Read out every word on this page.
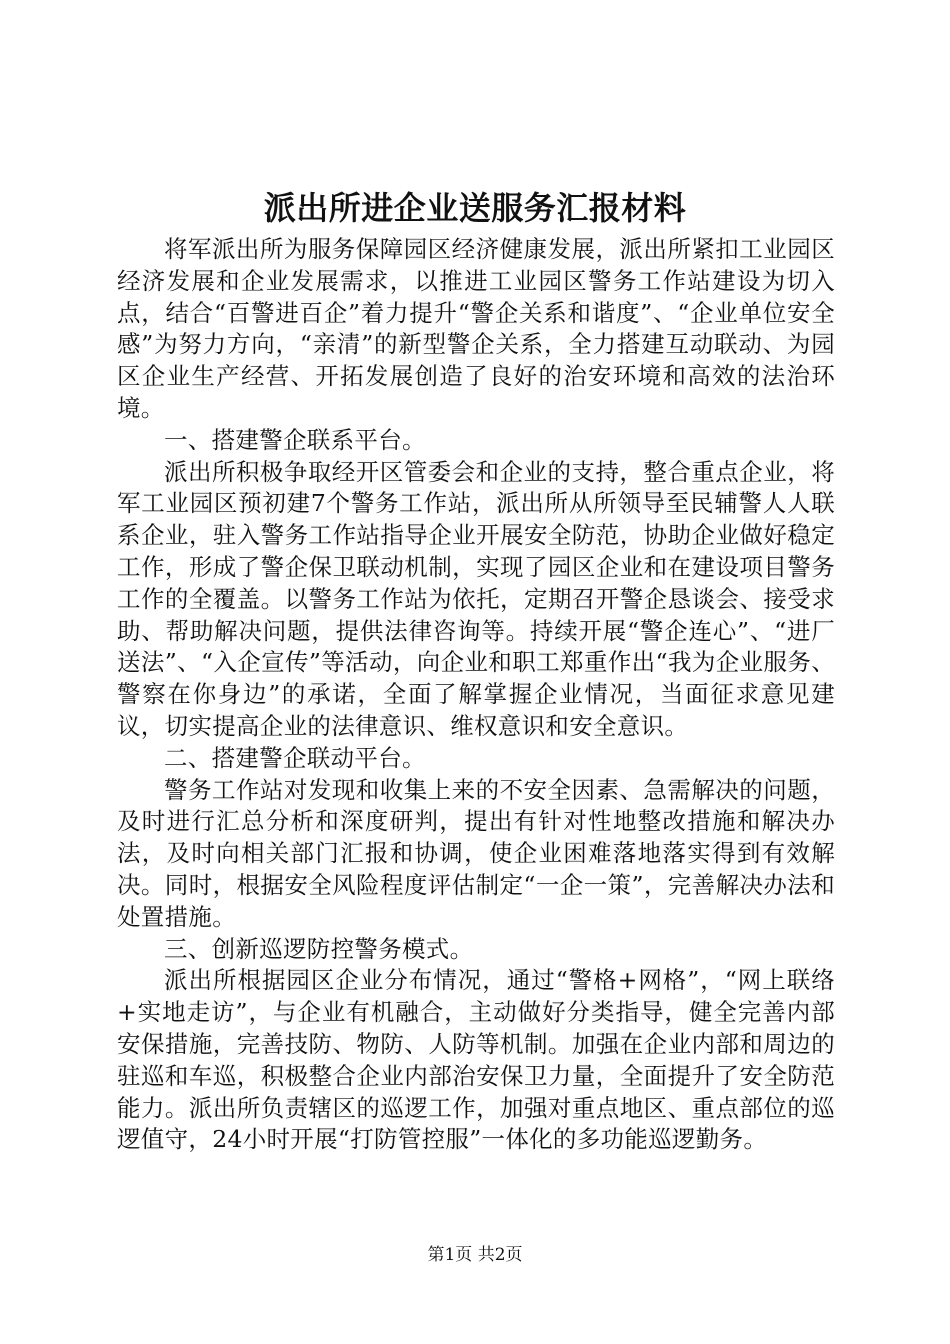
派出所进企业送服务汇报材料

将军派出所为服务保障园区经济健康发展，派出所紧扣工业园区经济发展和企业发展需求，以推进工业园区警务工作站建设为切入点，结合“百警进百企”着力提升“警企关系和谐度”、“企业单位安全感”为努力方向，“亲清”的新型警企关系，全力搭建互动联动、为园区企业生产经营、开拓发展创造了良好的治安环境和高效的法治环境。

一、搭建警企联系平台。

派出所积极争取经开区管委会和企业的支持，整合重点企业，将军工业园区预初建7个警务工作站，派出所从所领导至民辅警人人联系企业，驻入警务工作站指导企业开展安全防范，协助企业做好稳定工作，形成了警企保卫联动机制，实现了园区企业和在建设项目警务工作的全覆盖。以警务工作站为依托，定期召开警企恳谈会、接受求助、帮助解决问题，提供法律咨询等。持续开展“警企连心”、“进厂送法”、“入企宣传”等活动，向企业和职工郑重作出“我为企业服务、警察在你身边”的承诺，全面了解掌握企业情况，当面征求意见建议，切实提高企业的法律意识、维权意识和安全意识。

二、搭建警企联动平台。

警务工作站对发现和收集上来的不安全因素、急需解决的问题，及时进行汇总分析和深度研判，提出有针对性地整改措施和解决办法，及时向相关部门汇报和协调，使企业困难落地落实得到有效解决。同时，根据安全风险程度评估制定“一企一策”，完善解决办法和处置措施。

三、创新巡逻防控警务模式。

派出所根据园区企业分布情况，通过“警格+网格”，“网上联络+实地走访”，与企业有机融合，主动做好分类指导，健全完善内部安保措施，完善技防、物防、人防等机制。加强在企业内部和周边的驻巡和车巡，积极整合企业内部治安保卫力量，全面提升了安全防范能力。派出所负责辖区的巡逻工作，加强对重点地区、重点部位的巡逻值守，24小时开展“打防管控服”一体化的多功能巡逻勤务。

第1页 共2页
